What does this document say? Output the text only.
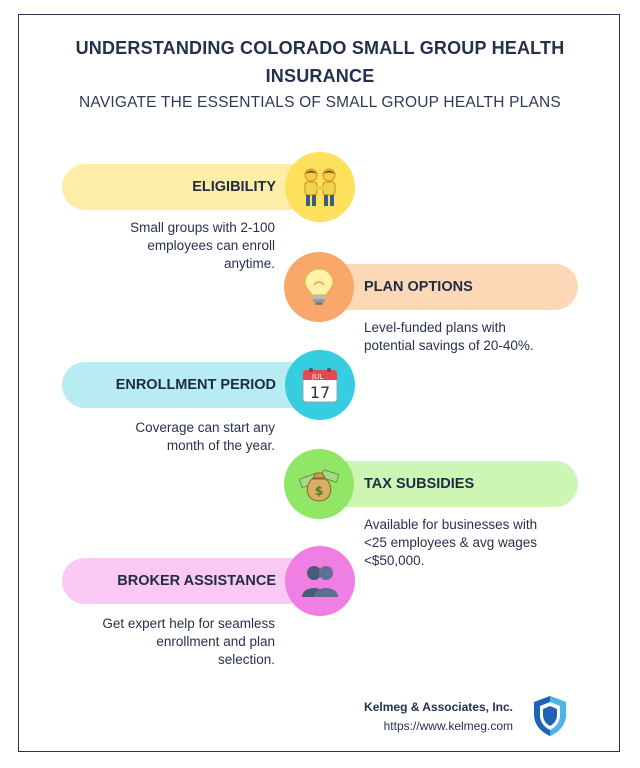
UNDERSTANDING COLORADO SMALL GROUP HEALTH
INSURANCE
NAVIGATE THE ESSENTIALS OF SMALL GROUP HEALTH PLANS
ELIGIBILITY
Small groups with 2-100
employees can enroll
anytime.
PLAN OPTIONS
Level-funded plans with
potential savings of 20-40%.
ENROLLMENT PERIOD	JUL
17
Coverage can start any
month of the year.
TAX SUBSIDIES
$
Available for businesses with
<25 employees & avg wages
<$50,000.
BROKER ASSISTANCE
Get expert help for seamless
enrollment and plan
selection.
Kelmeg & Associates, Inc.
https://www.kelmeg.com
